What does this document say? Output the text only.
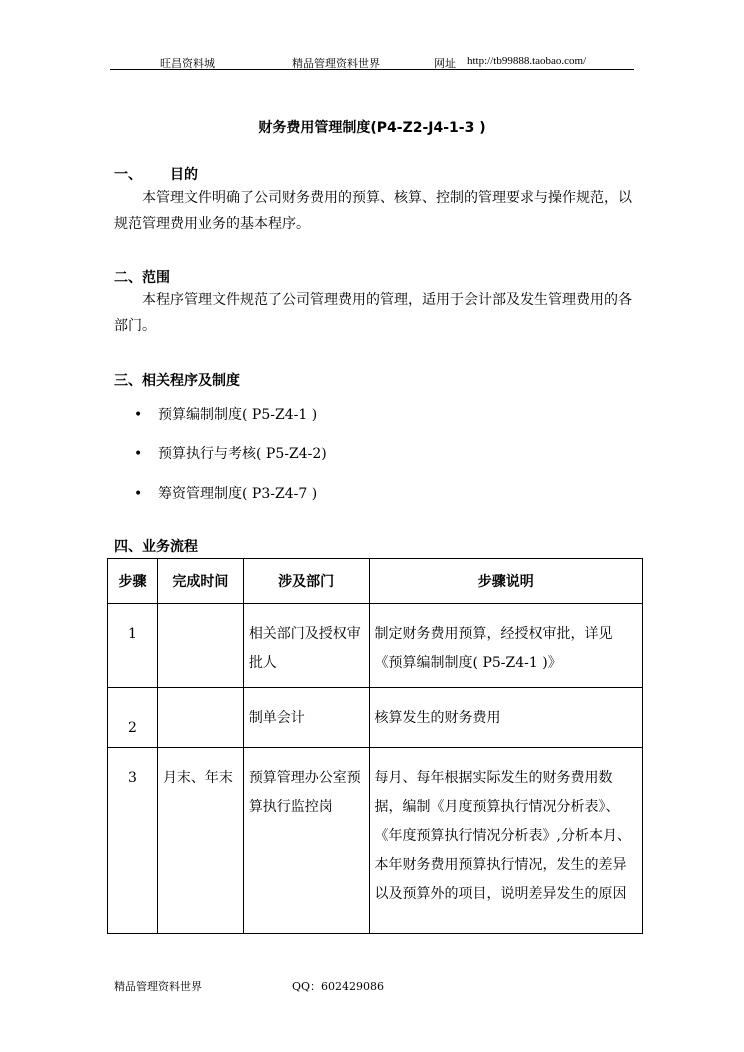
旺昌资料城	精品管理资料世界	网址 http://tb99888.taobao.com/
财务费用管理制度(P4-Z2-J4-1-3 )
一、 目的
本管理文件明确了公司财务费用的预算、核算、控制的管理要求与操作规范，以规范管理费用业务的基本程序。
二、范围
本程序管理文件规范了公司管理费用的管理，适用于会计部及发生管理费用的各部门。
三、相关程序及制度
• 预算编制制度( P5-Z4-1 )
• 预算执行与考核( P5-Z4-2)
• 筹资管理制度( P3-Z4-7 )
四、业务流程
步骤	完成时间	涉及部门	步骤说明
1		相关部门及授权审批人	制定财务费用预算，经授权审批，详见《预算编制制度( P5-Z4-1 )》
2		制单会计	核算发生的财务费用
3	月末、年末	预算管理办公室预算执行监控岗	每月、每年根据实际发生的财务费用数据，编制《月度预算执行情况分析表》、《年度预算执行情况分析表》,分析本月、本年财务费用预算执行情况，发生的差异以及预算外的项目，说明差异发生的原因
精品管理资料世界	QQ：602429086
